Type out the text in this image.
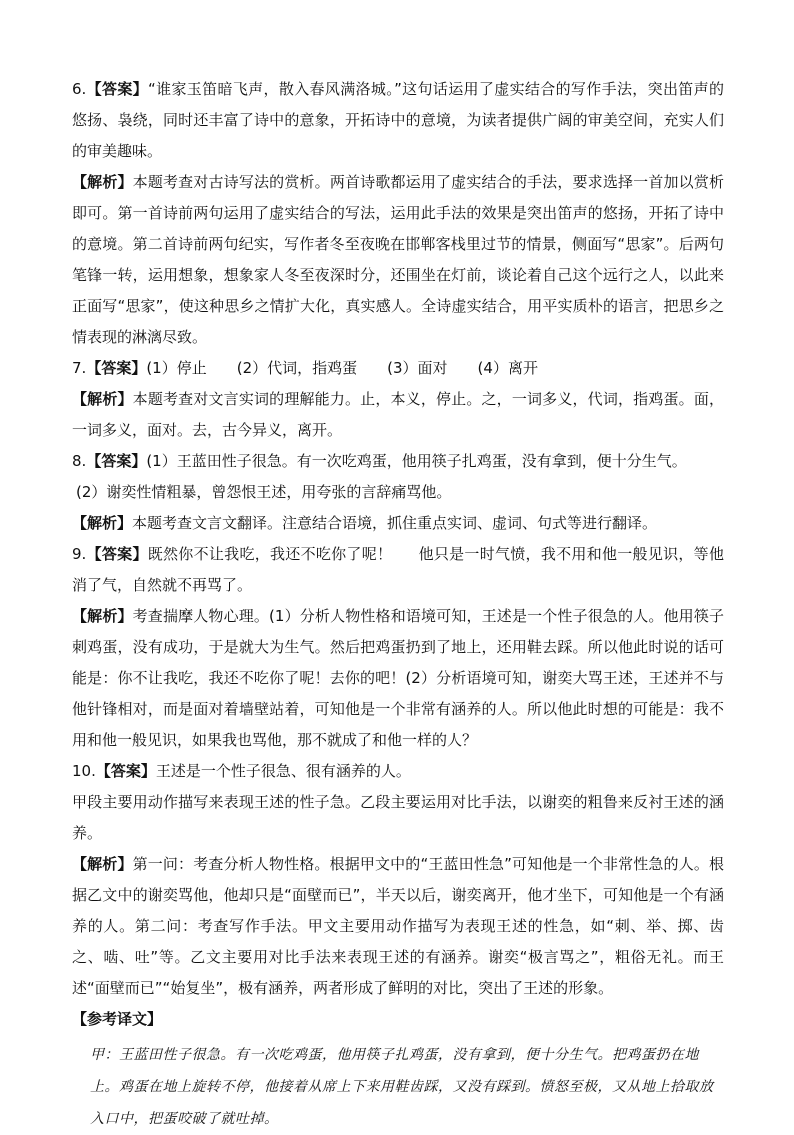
6.【答案】“谁家玉笛暗飞声，散入春风满洛城。”这句话运用了虚实结合的写作手法，突出笛声的悠扬、袅绕，同时还丰富了诗中的意象，开拓诗中的意境，为读者提供广阔的审美空间，充实人们的审美趣味。

【解析】本题考查对古诗写法的赏析。两首诗歌都运用了虚实结合的手法，要求选择一首加以赏析即可。第一首诗前两句运用了虚实结合的写法，运用此手法的效果是突出笛声的悠扬，开拓了诗中的意境。第二首诗前两句纪实，写作者冬至夜晚在邯郸客栈里过节的情景，侧面写“思家”。后两句笔锋一转，运用想象，想象家人冬至夜深时分，还围坐在灯前，谈论着自己这个远行之人，以此来正面写“思家”，使这种思乡之情扩大化，真实感人。全诗虚实结合，用平实质朴的语言，把思乡之情表现的淋漓尽致。

7.【答案】(1）停止 (2）代词，指鸡蛋 (3）面对 (4）离开

【解析】本题考查对文言实词的理解能力。止，本义，停止。之，一词多义，代词，指鸡蛋。面，一词多义，面对。去，古今异义，离开。

8.【答案】(1）王蓝田性子很急。有一次吃鸡蛋，他用筷子扎鸡蛋，没有拿到，便十分生气。

(2）谢奕性情粗暴，曾怨恨王述，用夸张的言辞痛骂他。

【解析】本题考查文言文翻译。注意结合语境，抓住重点实词、虚词、句式等进行翻译。

9.【答案】既然你不让我吃，我还不吃你了呢！ 他只是一时气愤，我不用和他一般见识，等他消了气，自然就不再骂了。

【解析】考查揣摩人物心理。(1）分析人物性格和语境可知，王述是一个性子很急的人。他用筷子刺鸡蛋，没有成功，于是就大为生气。然后把鸡蛋扔到了地上，还用鞋去踩。所以他此时说的话可能是：你不让我吃，我还不吃你了呢！去你的吧！(2）分析语境可知，谢奕大骂王述，王述并不与他针锋相对，而是面对着墙壁站着，可知他是一个非常有涵养的人。所以他此时想的可能是：我不用和他一般见识，如果我也骂他，那不就成了和他一样的人？

10.【答案】王述是一个性子很急、很有涵养的人。

甲段主要用动作描写来表现王述的性子急。乙段主要运用对比手法，以谢奕的粗鲁来反衬王述的涵养。

【解析】第一问：考查分析人物性格。根据甲文中的“王蓝田性急”可知他是一个非常性急的人。根据乙文中的谢奕骂他，他却只是“面壁而已”，半天以后，谢奕离开，他才坐下，可知他是一个有涵养的人。第二问：考查写作手法。甲文主要用动作描写为表现王述的性急，如“刺、举、掷、齿之、啮、吐”等。乙文主要用对比手法来表现王述的有涵养。谢奕“极言骂之”，粗俗无礼。而王述“面壁而已”“始复坐”，极有涵养，两者形成了鲜明的对比，突出了王述的形象。

【参考译文】

甲：王蓝田性子很急。有一次吃鸡蛋，他用筷子扎鸡蛋，没有拿到，便十分生气。把鸡蛋扔在地上。鸡蛋在地上旋转不停，他接着从席上下来用鞋齿踩，又没有踩到。愤怒至极，又从地上拾取放入口中，把蛋咬破了就吐掉。
